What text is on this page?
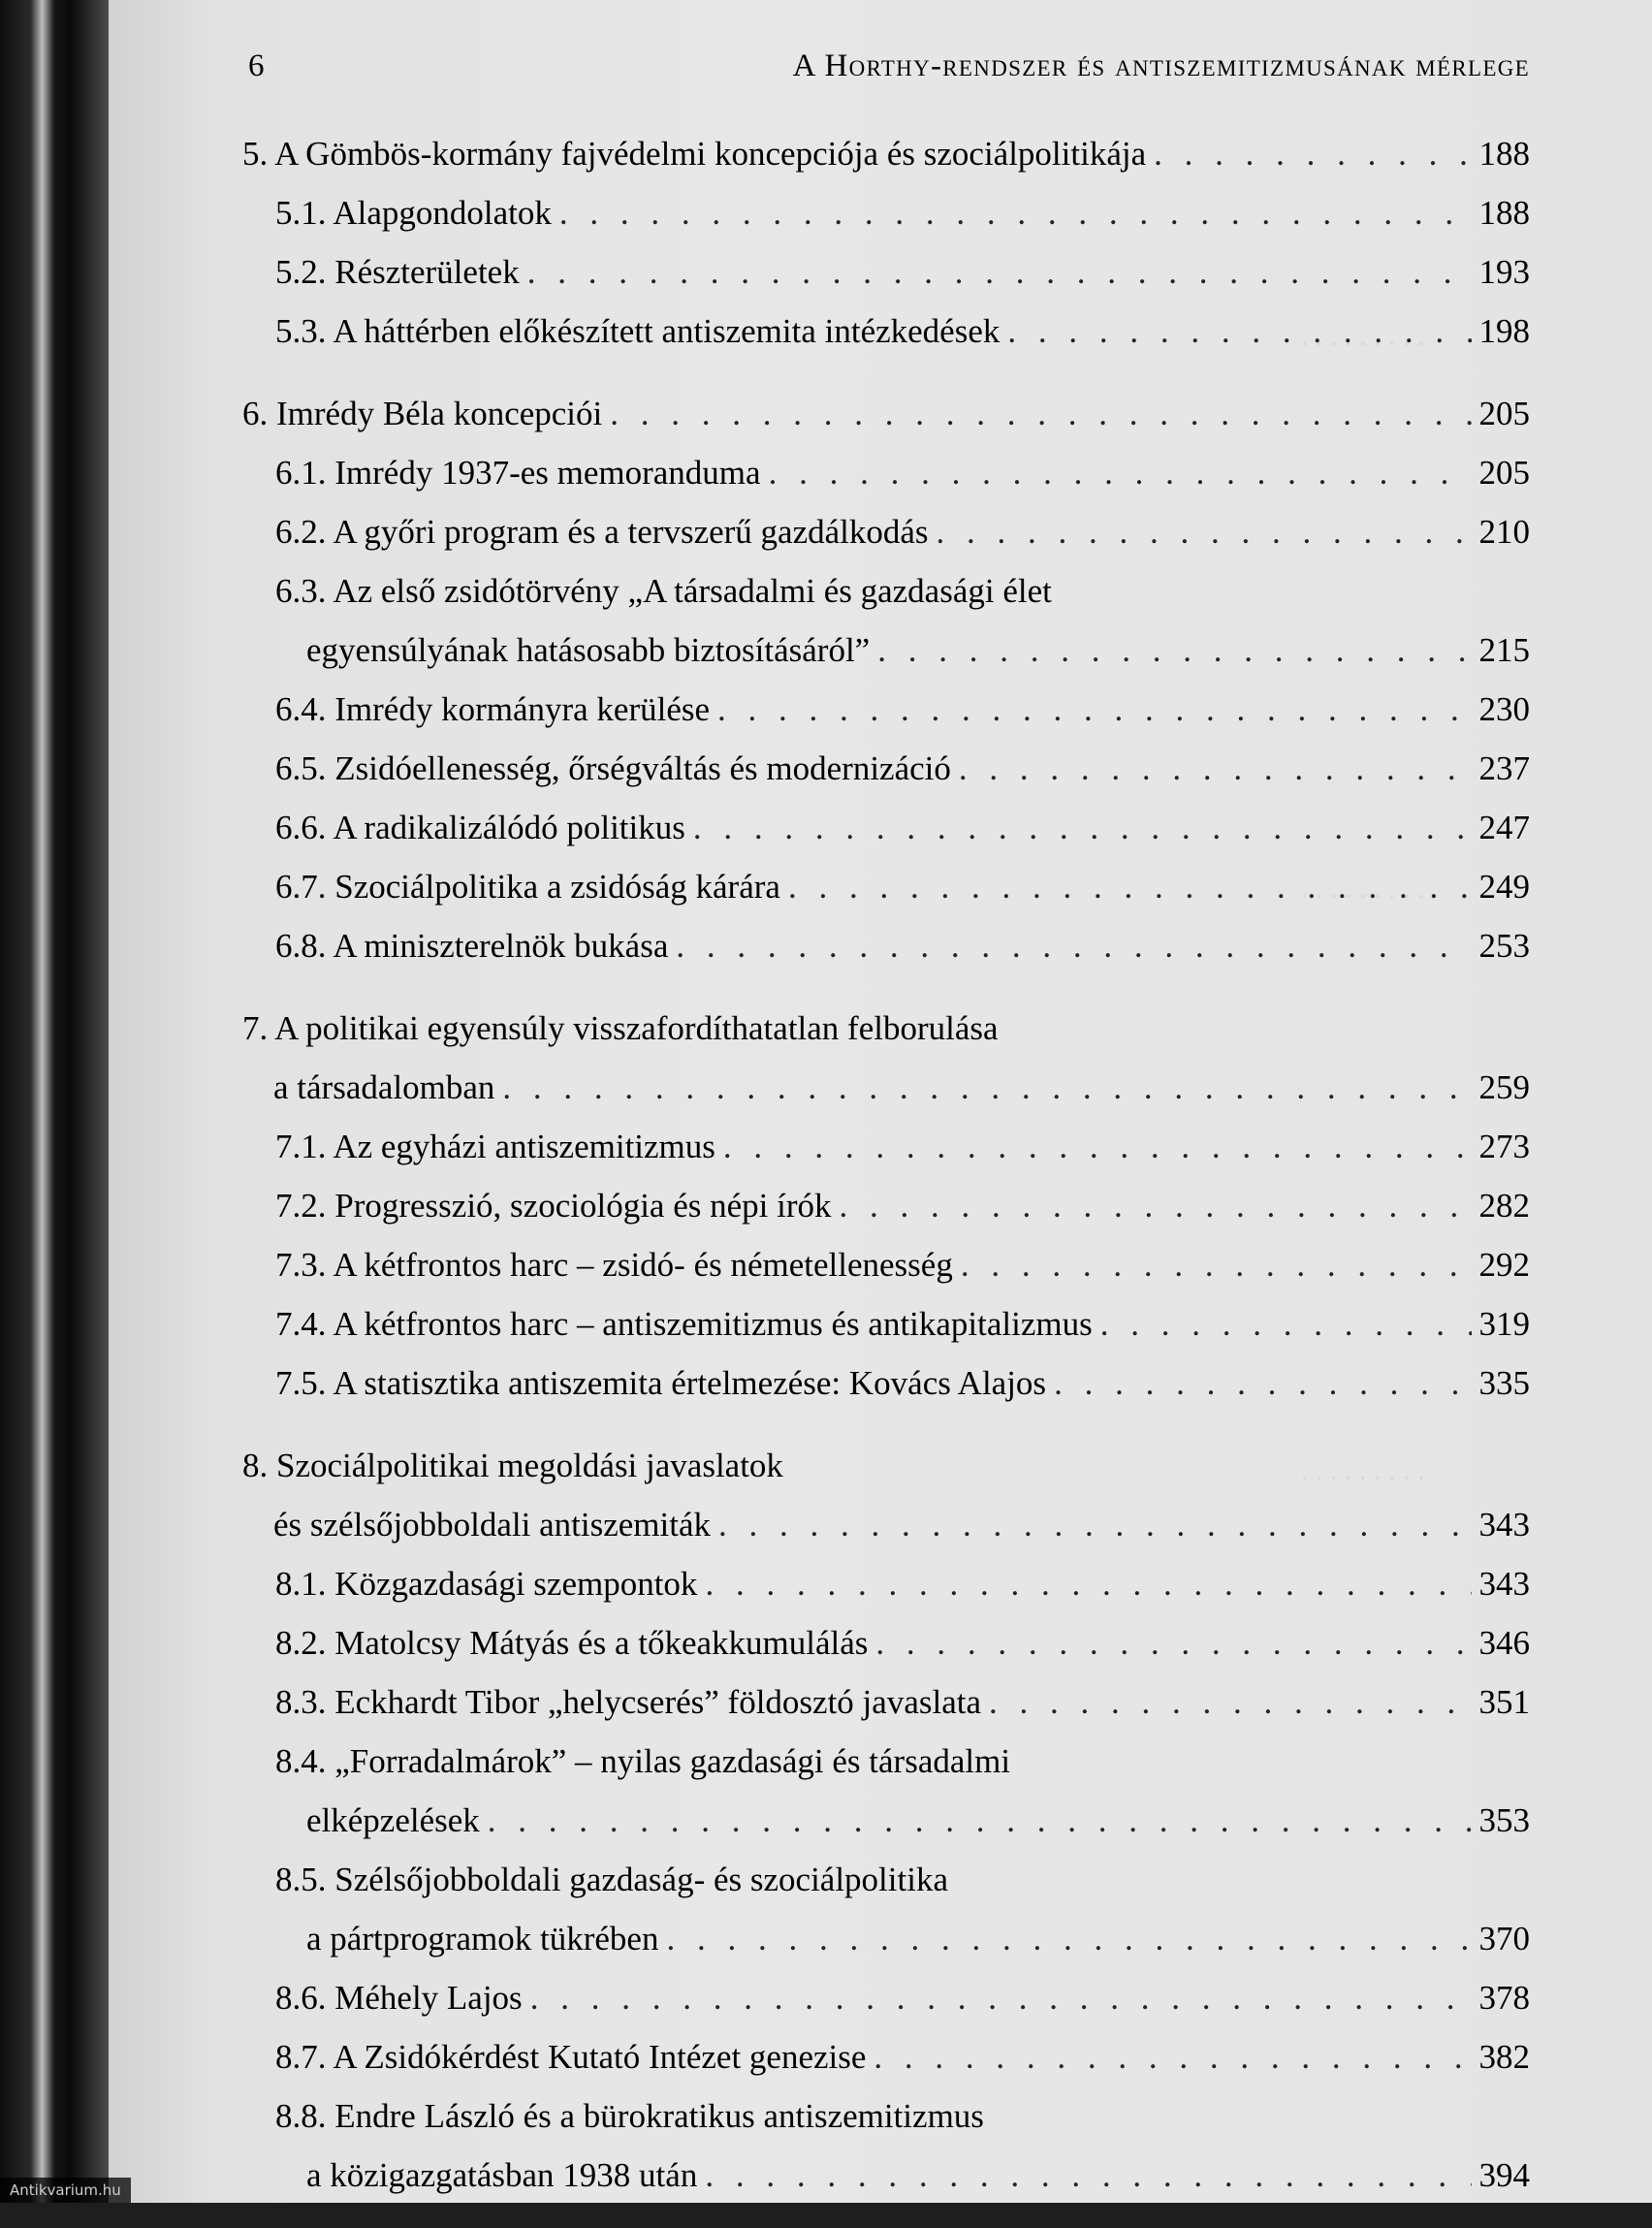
. . . . . . . . .
. . . . . . . . .
. . . . . . . . .
6	A Horthy-rendszer és antiszemitizmusának mérlege
5. A Gömbös-kormány fajvédelmi koncepciója és szociálpolitikája . . .	188
5.1. Alapgondolatok . . .	188
5.2. Részterületek . . .	193
5.3. A háttérben előkészített antiszemita intézkedések . . .	198
6. Imrédy Béla koncepciói . . .	205
6.1. Imrédy 1937-es memoranduma . . .	205
6.2. A győri program és a tervszerű gazdálkodás . . .	210
6.3. Az első zsidótörvény „A társadalmi és gazdasági élet
egyensúlyának hatásosabb biztosításáról” . . .	215
6.4. Imrédy kormányra kerülése . . .	230
6.5. Zsidóellenesség, őrségváltás és modernizáció . . .	237
6.6. A radikalizálódó politikus . . .	247
6.7. Szociálpolitika a zsidóság kárára . . .	249
6.8. A miniszterelnök bukása . . .	253
7. A politikai egyensúly visszafordíthatatlan felborulása
a társadalomban . . .	259
7.1. Az egyházi antiszemitizmus . . .	273
7.2. Progresszió, szociológia és népi írók . . .	282
7.3. A kétfrontos harc – zsidó- és németellenesség . . .	292
7.4. A kétfrontos harc – antiszemitizmus és antikapitalizmus . . .	319
7.5. A statisztika antiszemita értelmezése: Kovács Alajos . . .	335
8. Szociálpolitikai megoldási javaslatok
és szélsőjobboldali antiszemiták . . .	343
8.1. Közgazdasági szempontok . . .	343
8.2. Matolcsy Mátyás és a tőkeakkumulálás . . .	346
8.3. Eckhardt Tibor „helycserés” földosztó javaslata . . .	351
8.4. „Forradalmárok” – nyilas gazdasági és társadalmi
elképzelések . . .	353
8.5. Szélsőjobboldali gazdaság- és szociálpolitika
a pártprogramok tükrében . . .	370
8.6. Méhely Lajos . . .	378
8.7. A Zsidókérdést Kutató Intézet genezise . . .	382
8.8. Endre László és a bürokratikus antiszemitizmus
a közigazgatásban 1938 után . . .	394
Antikvarium.hu
